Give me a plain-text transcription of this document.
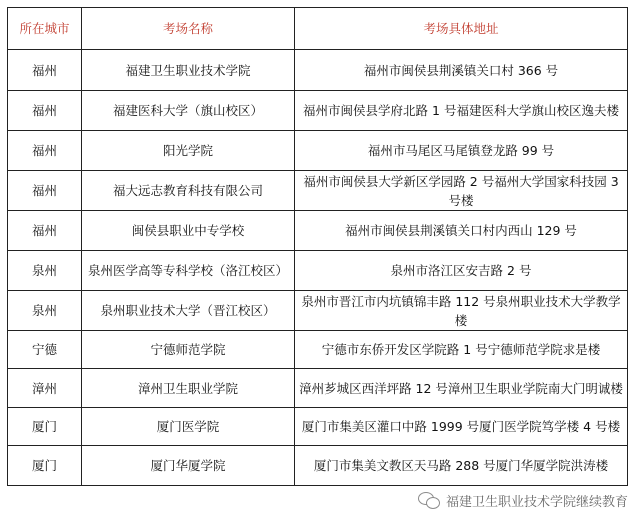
所在城市	考场名称	考场具体地址
福州	福建卫生职业技术学院	福州市闽侯县荆溪镇关口村 366 号
福州	福建医科大学（旗山校区）	福州市闽侯县学府北路 1 号福建医科大学旗山校区逸夫楼
福州	阳光学院	福州市马尾区马尾镇登龙路 99 号
福州	福大远志教育科技有限公司	福州市闽侯县大学新区学园路 2 号福州大学国家科技园 3 号楼
福州	闽侯县职业中专学校	福州市闽侯县荆溪镇关口村内西山 129 号
泉州	泉州医学高等专科学校（洛江校区）	泉州市洛江区安吉路 2 号
泉州	泉州职业技术大学（晋江校区）	泉州市晋江市内坑镇锦丰路 112 号泉州职业技术大学教学楼
宁德	宁德师范学院	宁德市东侨开发区学院路 1 号宁德师范学院求是楼
漳州	漳州卫生职业学院	漳州芗城区西洋坪路 12 号漳州卫生职业学院南大门明诚楼
厦门	厦门医学院	厦门市集美区灌口中路 1999 号厦门医学院笃学楼 4 号楼
厦门	厦门华厦学院	厦门市集美文教区天马路 288 号厦门华厦学院洪涛楼
福建卫生职业技术学院继续教育
